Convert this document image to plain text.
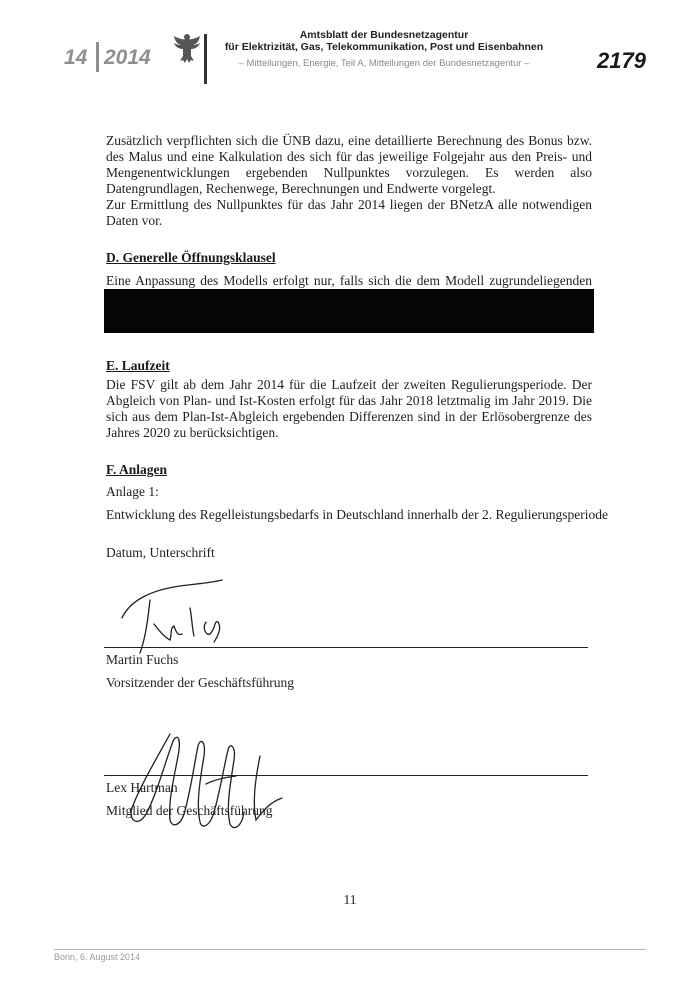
14 2014
Amtsblatt der Bundesnetzagentur
für Elektrizität, Gas, Telekommunikation, Post und Eisenbahnen
– Mitteilungen, Energie, Teil A, Mitteilungen der Bundesnetzagentur –	2179
Zusätzlich verpflichten sich die ÜNB dazu, eine detaillierte Berechnung des Bonus bzw. des Malus und eine Kalkulation des sich für das jeweilige Folgejahr aus den Preis- und Mengenentwicklungen ergebenden Nullpunktes vorzulegen. Es werden also Datengrundlagen, Rechenwege, Berechnungen und Endwerte vorgelegt.
Zur Ermittlung des Nullpunktes für das Jahr 2014 liegen der BNetzA alle notwendigen Daten vor.
D. Generelle Öffnungsklausel
Eine Anpassung des Modells erfolgt nur, falls sich die dem Modell zugrundeliegenden
E. Laufzeit
Die FSV gilt ab dem Jahr 2014 für die Laufzeit der zweiten Regulierungsperiode. Der Abgleich von Plan- und Ist-Kosten erfolgt für das Jahr 2018 letztmalig im Jahr 2019. Die sich aus dem Plan-Ist-Abgleich ergebenden Differenzen sind in der Erlösobergrenze des Jahres 2020 zu berücksichtigen.
F. Anlagen
Anlage 1:
Entwicklung des Regelleistungsbedarfs in Deutschland innerhalb der 2. Regulierungsperiode
Datum, Unterschrift
Martin Fuchs
Vorsitzender der Geschäftsführung
Lex Hartman
Mitglied der Geschäftsführung
11
Bonn, 6. August 2014
